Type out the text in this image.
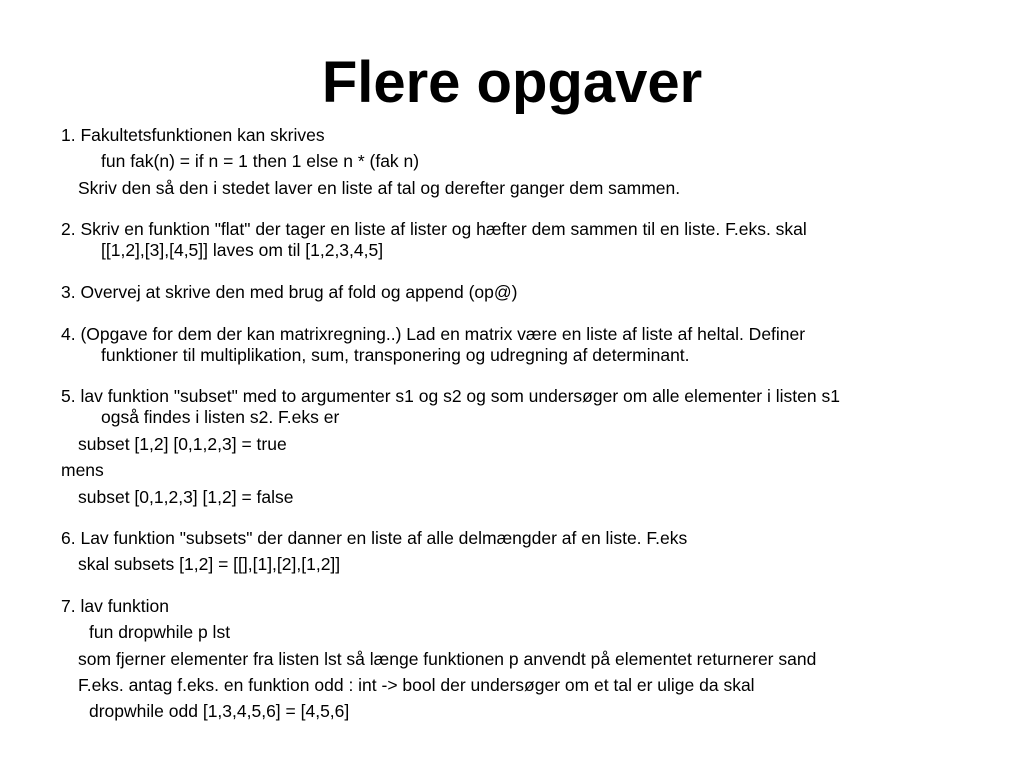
Flere opgaver
1. Fakultetsfunktionen kan skrives
fun fak(n) = if n = 1 then 1 else n * (fak n)
Skriv den så den i stedet laver en liste af tal og derefter ganger dem sammen.
2. Skriv en funktion "flat" der tager en liste af lister og hæfter dem sammen til en liste. F.eks. skal
[[1,2],[3],[4,5]] laves om til [1,2,3,4,5]
3. Overvej at skrive den med brug af fold og append (op@)
4. (Opgave for dem der kan matrixregning..) Lad en matrix være en liste af liste af heltal. Definer
funktioner til multiplikation, sum, transponering og udregning af determinant.
5. lav funktion "subset" med to argumenter s1 og s2 og som undersøger om alle elementer i listen s1
også findes i listen s2. F.eks er
subset [1,2] [0,1,2,3] = true
mens
subset [0,1,2,3] [1,2] = false
6. Lav funktion "subsets" der danner en liste af alle delmængder af en liste. F.eks
skal subsets [1,2] = [[],[1],[2],[1,2]]
7. lav funktion
fun dropwhile p lst
som fjerner elementer fra listen lst så længe funktionen p anvendt på elementet returnerer sand
F.eks. antag f.eks. en funktion odd : int -> bool der undersøger om et tal er ulige da skal
dropwhile odd [1,3,4,5,6] = [4,5,6]
